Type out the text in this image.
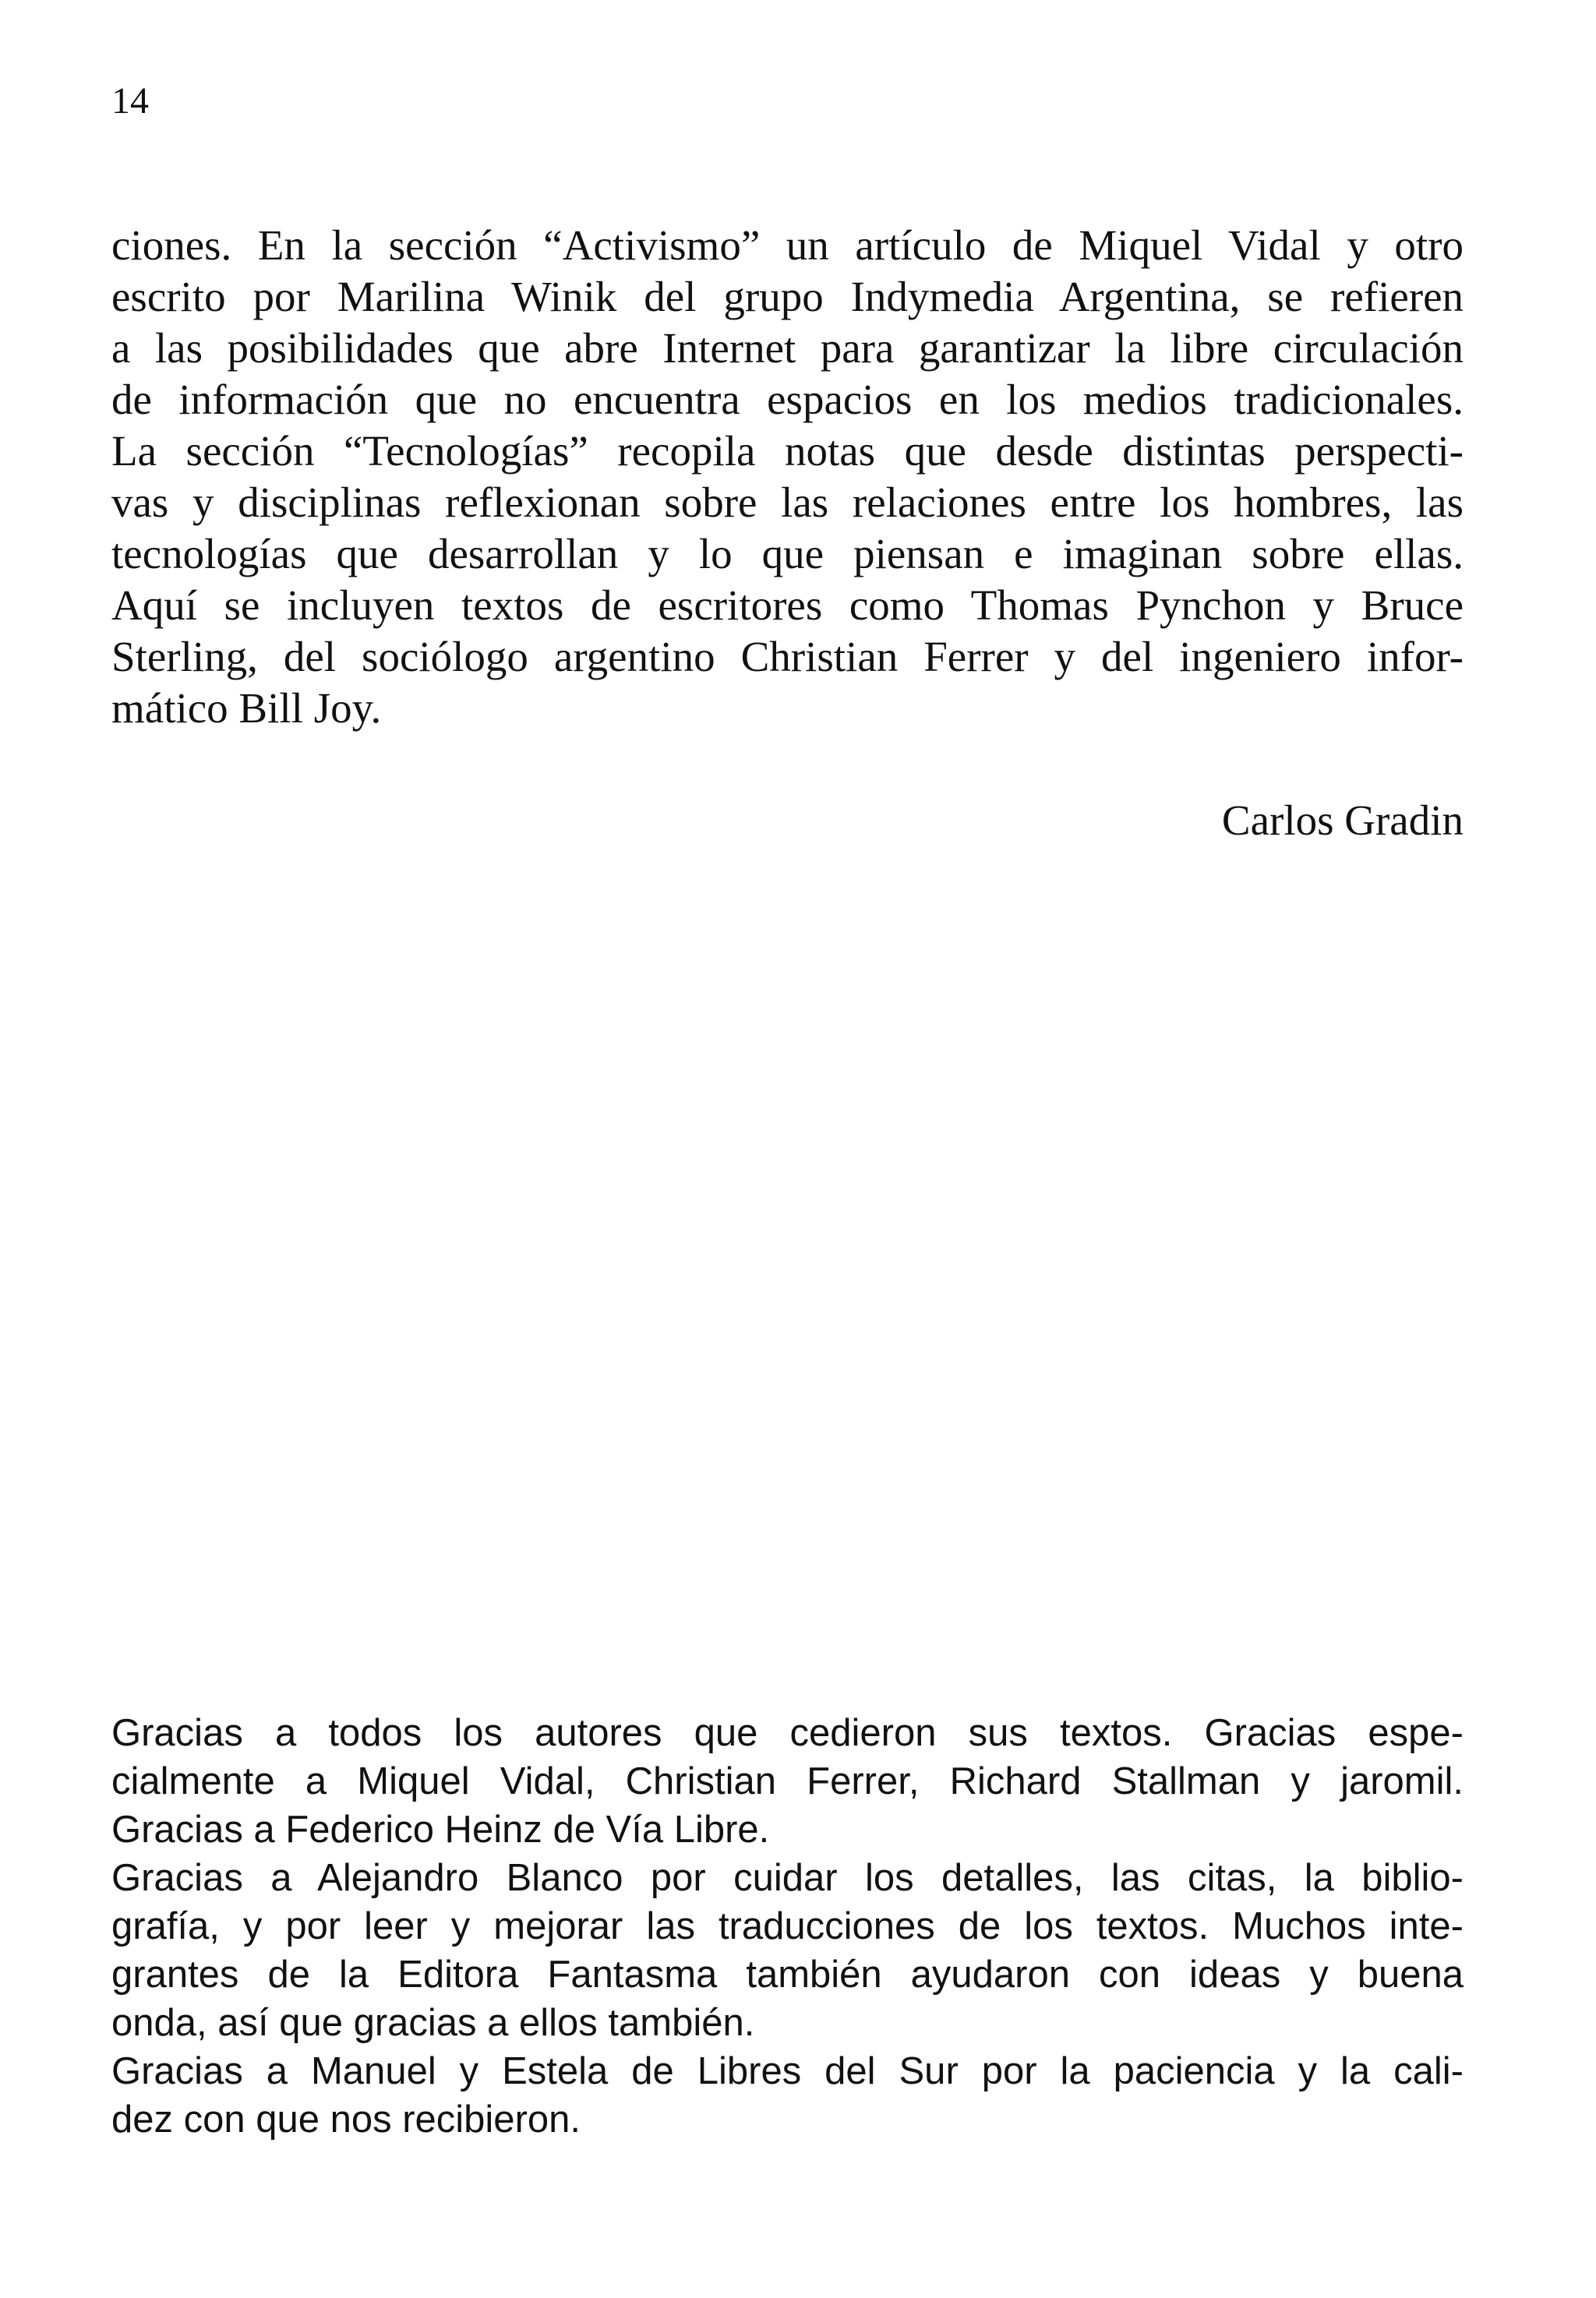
14
ciones. En la sección “Activismo” un artículo de Miquel Vidal y otro
escrito por Marilina Winik del grupo Indymedia Argentina, se refieren
a las posibilidades que abre Internet para garantizar la libre circulación
de información que no encuentra espacios en los medios tradicionales.
La sección “Tecnologías” recopila notas que desde distintas perspecti-
vas y disciplinas reflexionan sobre las relaciones entre los hombres, las
tecnologías que desarrollan y lo que piensan e imaginan sobre ellas.
Aquí se incluyen textos de escritores como Thomas Pynchon y Bruce
Sterling, del sociólogo argentino Christian Ferrer y del ingeniero infor-
mático Bill Joy.
Carlos Gradin
Gracias a todos los autores que cedieron sus textos. Gracias espe-
cialmente a Miquel Vidal, Christian Ferrer, Richard Stallman y jaromil.
Gracias a Federico Heinz de Vía Libre.
Gracias a Alejandro Blanco por cuidar los detalles, las citas, la biblio-
grafía, y por leer y mejorar las traducciones de los textos. Muchos inte-
grantes de la Editora Fantasma también ayudaron con ideas y buena
onda, así que gracias a ellos también.
Gracias a Manuel y Estela de Libres del Sur por la paciencia y la cali-
dez con que nos recibieron.
